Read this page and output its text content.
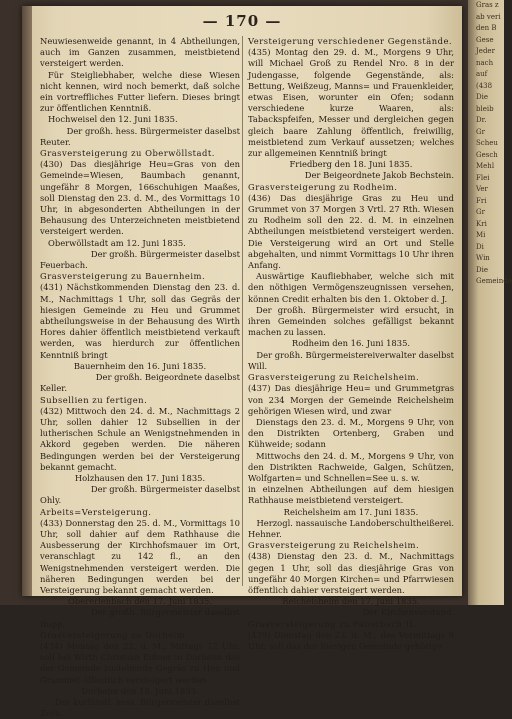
— 170 —

Neuwiesenweide genannt, in 4 Abtheilungen, auch im Ganzen zusammen, meistbietend versteigert werden.

Für Steigliebhaber, welche diese Wiesen nicht kennen, wird noch bemerkt, daß solche ein vortreffliches Futter liefern. Dieses bringt zur öffentlichen Kenntniß.

Hochweisel den 12. Juni 1835.

Der großh. hess. Bürgermeister daselbst

Reuter.

Grasversteigerung zu Oberwöllstadt.

(430) Das diesjährige Heu=Gras von den Gemeinde=Wiesen, Baumbach genannt, ungefähr 8 Morgen, 166schuhigen Maaßes, soll Dienstag den 23. d. M., des Vormittags 10 Uhr, in abgesonderten Abtheilungen in der Behausung des Unterzeichneten meistbietend versteigert werden.

Oberwöllstadt am 12. Juni 1835.

Der großh. Bürgermeister daselbst

Feuerbach.

Grasversteigerung zu Bauernheim.

(431) Nächstkommenden Dienstag den 23. d. M., Nachmittags 1 Uhr, soll das Gegräs der hiesigen Gemeinde zu Heu und Grummet abtheilungsweise in der Behausung des Wirth Hores dahier öffentlich meistbietend verkauft werden, was hierdurch zur öffentlichen Kenntniß bringt

Bauernheim den 16. Juni 1835.

Der großh. Beigeordnete daselbst

Keller.

Subsellien zu fertigen.

(432) Mittwoch den 24. d. M., Nachmittags 2 Uhr, sollen dahier 12 Subsellien in der lutherischen Schule an Wenigstnehmenden in Akkord gegeben werden. Die näheren Bedingungen werden bei der Versteigerung bekannt gemacht.

Holzhausen den 17. Juni 1835.

Der großh. Bürgermeister daselbst

Ohly.

Arbeits=Versteigerung.

(433) Donnerstag den 25. d. M., Vormittags 10 Uhr, soll dahier auf dem Rathhause die Ausbesserung der Kirchhofsmauer im Ort, veranschlagt zu 142 fl., an den Wenigstnehmenden versteigert werden. Die näheren Bedingungen werden bei der Versteigerung bekannt gemacht werden.

Obererlenbach den 17. Juni 1835.

Der großh. Bürgermeister daselbst

Rupp.

Grasversteigerung zu Dorheim.

(434) Montag den 22. d. M., Mittags 12 Uhr, soll bei Wirth Christian Eißner in Dorheim das der Gemeinde zustehende Gegräs zu Heu und Grummet öffentlich versteigert werden.

Dorheim den 18. Juni 1835.

Der kurfürstl. hess. Bürgermeister daselbst

Zerb.

Versteigerung verschiedener Gegenstände.

(435) Montag den 29. d. M., Morgens 9 Uhr, will Michael Groß zu Rendel Nro. 8 in der Judengasse, folgende Gegenstände, als: Bettung, Weißzeug, Manns= und Frauenkleider, etwas Eisen, worunter ein Ofen; sodann verschiedene kurze Waaren, als: Tabackspfeifen, Messer und dergleichen gegen gleich baare Zahlung öffentlich, freiwillig, meistbietend zum Verkauf aussetzen; welches zur allgemeinen Kenntniß bringt

Friedberg den 18. Juni 1835.

Der Beigeordnete Jakob Bechstein.

Grasversteigerung zu Rodheim.

(436) Das diesjährige Gras zu Heu und Grummet von 37 Morgen 3 Vrtl. 27 Rth. Wiesen zu Rodheim soll den 22. d. M. in einzelnen Abtheilungen meistbietend versteigert werden. Die Versteigerung wird an Ort und Stelle abgehalten, und nimmt Vormittags 10 Uhr ihren Anfang.

Auswärtige Kaufliebhaber, welche sich mit den nöthigen Vermögenszeugnissen versehen, können Credit erhalten bis den 1. Oktober d. J.

Der großh. Bürgermeister wird ersucht, in ihren Gemeinden solches gefälligst bekannt machen zu lassen.

Rodheim den 16. Juni 1835.

Der großh. Bürgermeistereiverwalter daselbst

Will.

Grasversteigerung zu Reichelsheim.

(437) Das diesjährige Heu= und Grummetgras von 234 Morgen der Gemeinde Reichelsheim gehörigen Wiesen wird, und zwar

Dienstags den 23. d. M., Morgens 9 Uhr, von den Distrikten Ortenberg, Graben und Kühweide; sodann

Mittwochs den 24. d. M., Morgens 9 Uhr, von den Distrikten Rachweide, Galgen, Schützen, Wolfgarten= und Schnellen=See u. s. w.

in einzelnen Abtheilungen auf dem hiesigen Rathhause meistbietend versteigert.

Reichelsheim am 17. Juni 1835.

Herzogl. nassauische Landoberschultheißerei.

Hehner.

Grasversteigerung zu Reichelsheim.

(438) Dienstag den 23. d. M., Nachmittags gegen 1 Uhr, soll das diesjährige Gras von ungefähr 40 Morgen Kirchen= und Pfarrwiesen öffentlich dahier versteigert werden.

Reichelsheim den 17. Juni 1835.

Der Kirchenvorstand.

Grasversteigerung zu Fauerbach II.

(439) Dienstag den 23. d. M., des Vormittags 9 Uhr, soll das der hiesigen Gemeinde gehörige

Gras z
ab veri
den B
Gese
Jeder
nach
auf
(438
Die
bleib
Dr.
Gr
Scheu
Gesch
Mehl
Flei
Ver
Fri
Gr
Kri
Mi
Di
Win
Die
Gemeinde
